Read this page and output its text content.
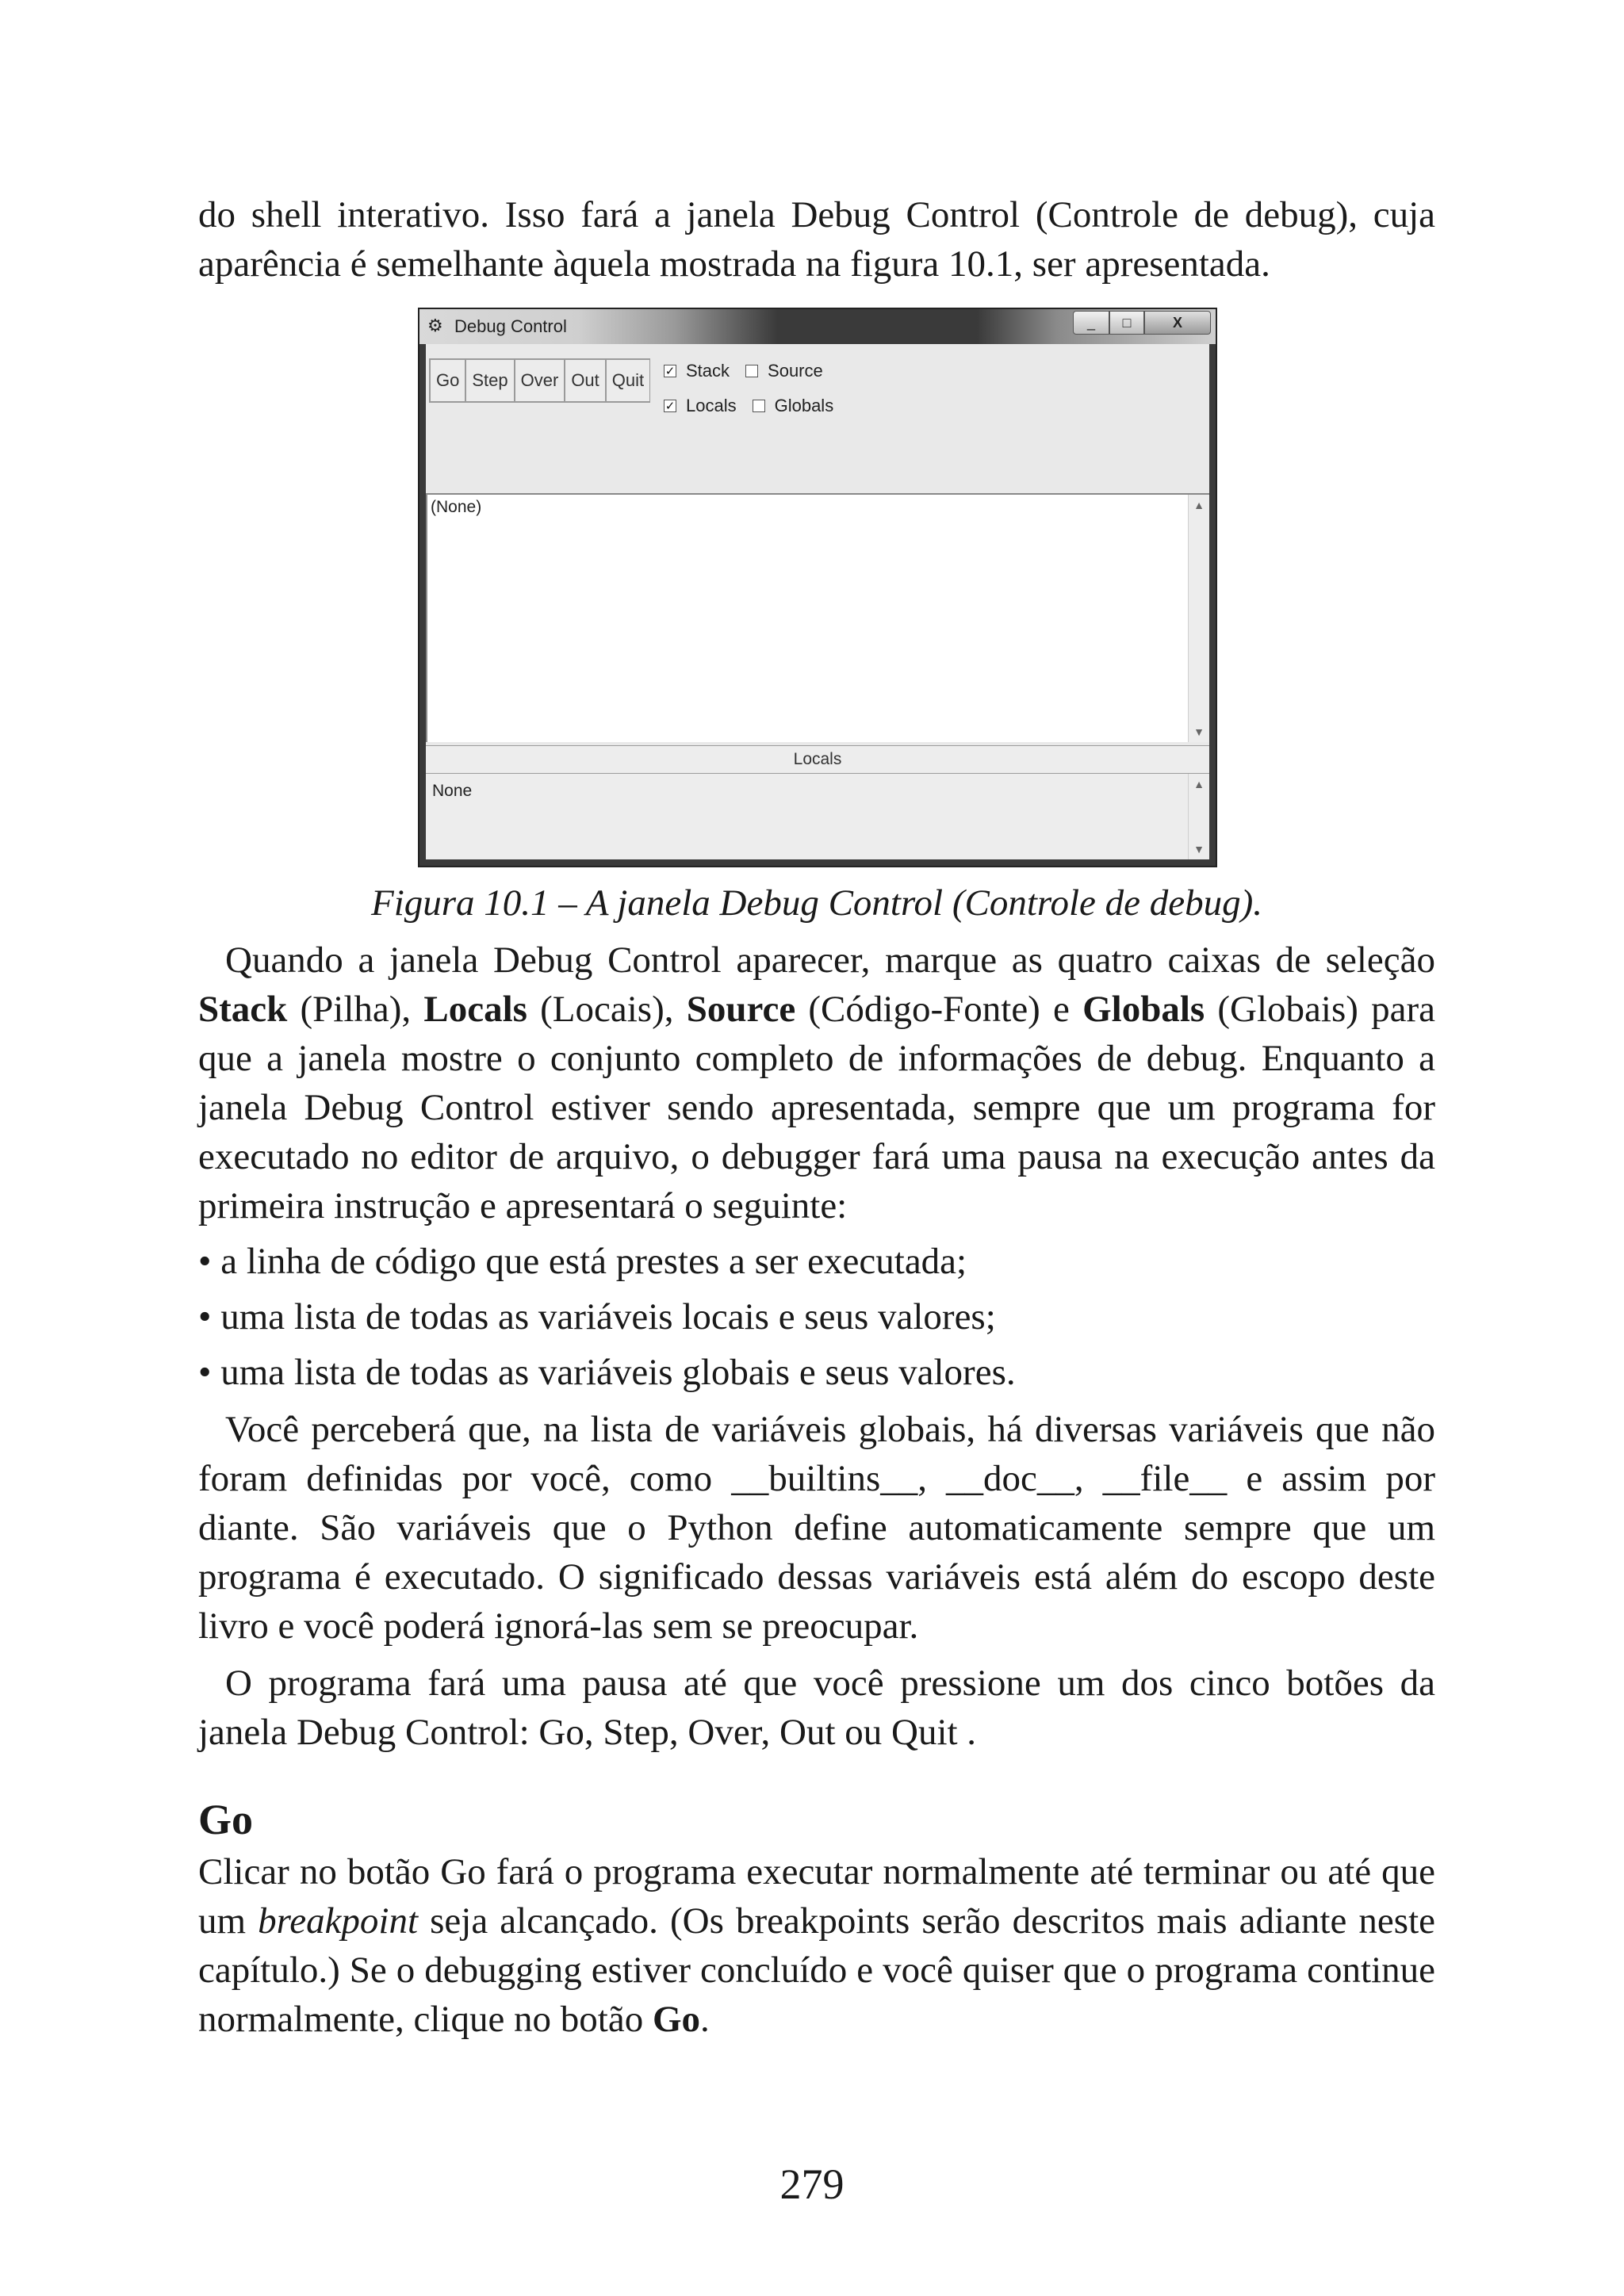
do shell interativo. Isso fará a janela Debug Control (Controle de debug), cuja aparência é semelhante àquela mostrada na figura 10.1, ser apresentada.

⚙ Debug Control	_	□	X
Go Step Over Out Quit	✓ Stack Source
✓ Locals Globals
(None)	▲
▼
Locals
None	▲
▼

Figura 10.1 – A janela Debug Control (Controle de debug).

Quando a janela Debug Control aparecer, marque as quatro caixas de seleção Stack (Pilha), Locals (Locais), Source (Código-Fonte) e Globals (Globais) para que a janela mostre o conjunto completo de informações de debug. Enquanto a janela Debug Control estiver sendo apresentada, sempre que um programa for executado no editor de arquivo, o debugger fará uma pausa na execução antes da primeira instrução e apresentará o seguinte:

• a linha de código que está prestes a ser executada;

• uma lista de todas as variáveis locais e seus valores;

• uma lista de todas as variáveis globais e seus valores.

Você perceberá que, na lista de variáveis globais, há diversas variáveis que não foram definidas por você, como __builtins__, __doc__, __file__ e assim por diante. São variáveis que o Python define automaticamente sempre que um programa é executado. O significado dessas variáveis está além do escopo deste livro e você poderá ignorá-las sem se preocupar.

O programa fará uma pausa até que você pressione um dos cinco botões da janela Debug Control: Go, Step, Over, Out ou Quit .

Go

Clicar no botão Go fará o programa executar normalmente até terminar ou até que um breakpoint seja alcançado. (Os breakpoints serão descritos mais adiante neste capítulo.) Se o debugging estiver concluído e você quiser que o programa continue normalmente, clique no botão Go.

279
